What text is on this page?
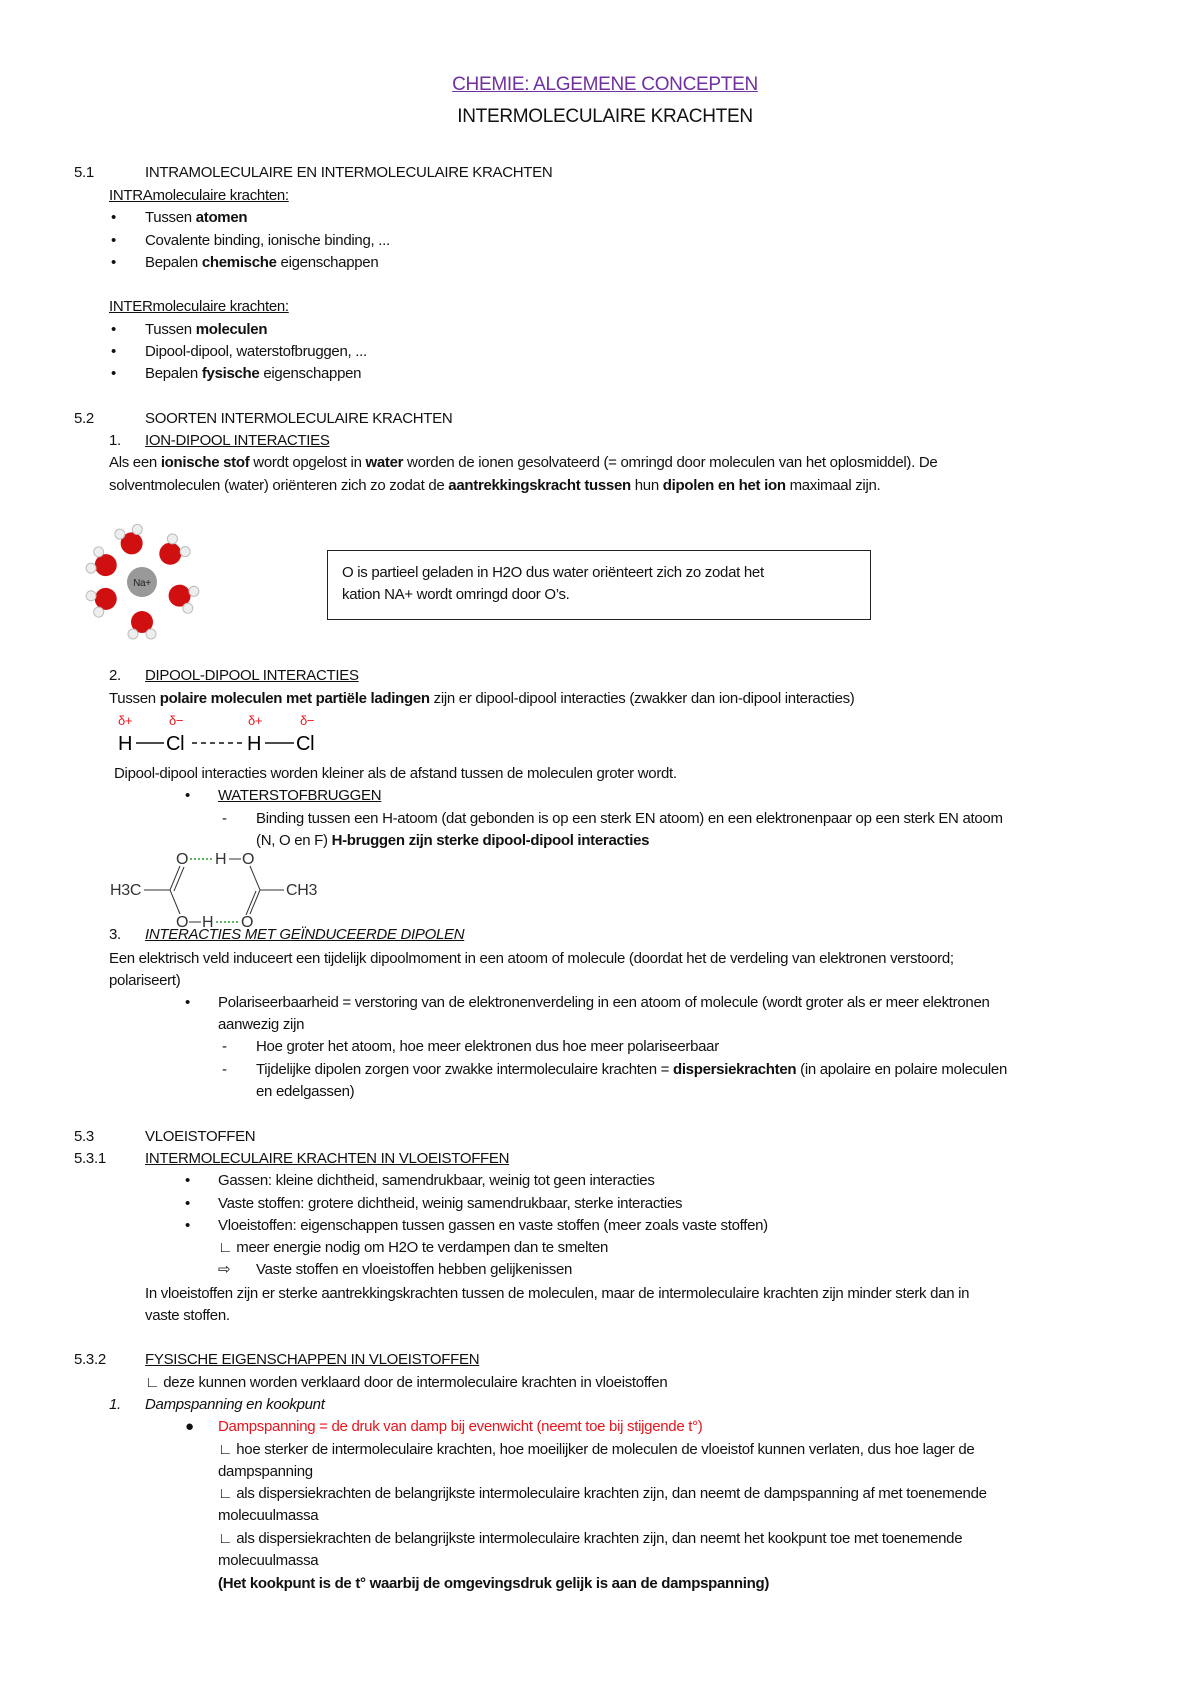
CHEMIE: ALGEMENE CONCEPTEN
INTERMOLECULAIRE KRACHTEN
5.1	INTRAMOLECULAIRE EN INTERMOLECULAIRE KRACHTEN
INTRAmoleculaire krachten:
• Tussen atomen
• Covalente binding, ionische binding, ...
• Bepalen chemische eigenschappen
INTERmoleculaire krachten:
• Tussen moleculen
• Dipool-dipool, waterstofbruggen, ...
• Bepalen fysische eigenschappen
5.2	SOORTEN INTERMOLECULAIRE KRACHTEN
1. ION-DIPOOL INTERACTIES
Als een ionische stof wordt opgelost in water worden de ionen gesolvateerd (= omringd door moleculen van het oplosmiddel). De
solventmoleculen (water) oriënteren zich zo zodat de aantrekkingskracht tussen hun dipolen en het ion maximaal zijn.
Na+
O is partieel geladen in H2O dus water oriënteert zich zo zodat het
kation NA+ wordt omringd door O’s.
2. DIPOOL-DIPOOL INTERACTIES
Tussen polaire moleculen met partiële ladingen zijn er dipool-dipool interacties (zwakker dan ion-dipool interacties)
δ+	δ−	δ+	δ−
H Cl	H Cl
Dipool-dipool interacties worden kleiner als de afstand tussen de moleculen groter wordt.
• WATERSTOFBRUGGEN
- Binding tussen een H-atoom (dat gebonden is op een sterk EN atoom) en een elektronenpaar op een sterk EN atoom
(N, O en F) H-bruggen zijn sterke dipool-dipool interacties
H3C
O H O
CH3
O H O
3. INTERACTIES MET GEÏNDUCEERDE DIPOLEN
Een elektrisch veld induceert een tijdelijk dipoolmoment in een atoom of molecule (doordat het de verdeling van elektronen verstoord;
polariseert)
• Polariseerbaarheid = verstoring van de elektronenverdeling in een atoom of molecule (wordt groter als er meer elektronen
aanwezig zijn
- Hoe groter het atoom, hoe meer elektronen dus hoe meer polariseerbaar
- Tijdelijke dipolen zorgen voor zwakke intermoleculaire krachten = dispersiekrachten (in apolaire en polaire moleculen
en edelgassen)
5.3	VLOEISTOFFEN
5.3.1	INTERMOLECULAIRE KRACHTEN IN VLOEISTOFFEN
• Gassen: kleine dichtheid, samendrukbaar, weinig tot geen interacties
• Vaste stoffen: grotere dichtheid, weinig samendrukbaar, sterke interacties
• Vloeistoffen: eigenschappen tussen gassen en vaste stoffen (meer zoals vaste stoffen)
∟ meer energie nodig om H2O te verdampen dan te smelten
⇨ Vaste stoffen en vloeistoffen hebben gelijkenissen
In vloeistoffen zijn er sterke aantrekkingskrachten tussen de moleculen, maar de intermoleculaire krachten zijn minder sterk dan in
vaste stoffen.
5.3.2	FYSISCHE EIGENSCHAPPEN IN VLOEISTOFFEN
∟ deze kunnen worden verklaard door de intermoleculaire krachten in vloeistoffen
1. Dampspanning en kookpunt
● Dampspanning = de druk van damp bij evenwicht (neemt toe bij stijgende t°)
∟ hoe sterker de intermoleculaire krachten, hoe moeilijker de moleculen de vloeistof kunnen verlaten, dus hoe lager de
dampspanning
∟ als dispersiekrachten de belangrijkste intermoleculaire krachten zijn, dan neemt de dampspanning af met toenemende
molecuulmassa
∟ als dispersiekrachten de belangrijkste intermoleculaire krachten zijn, dan neemt het kookpunt toe met toenemende
molecuulmassa
(Het kookpunt is de t° waarbij de omgevingsdruk gelijk is aan de dampspanning)
